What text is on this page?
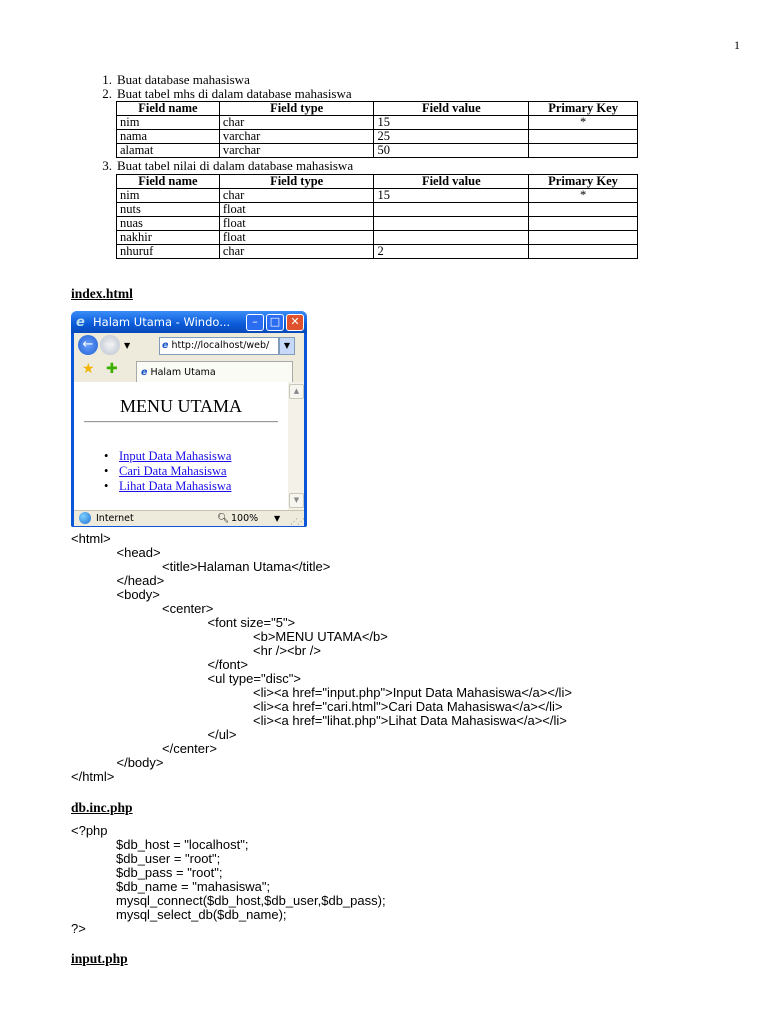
1
1. Buat database mahasiswa
2. Buat tabel mhs di dalam database mahasiswa
Field name	Field type	Field value	Primary Key
nim	char	15	*
nama	varchar	25	
alamat	varchar	50	
3. Buat tabel nilai di dalam database mahasiswa
Field name	Field type	Field value	Primary Key
nim	char	15	*
nuts	float		
nuas	float		
nakhir	float		
nhuruf	char	2	
index.html
e Halam Utama - Windo...	–	□ ✕
← →	▼	e http://localhost/web/	▼
★ ✚	e Halam Utama
MENU UTAMA
• Input Data Mahasiswa
• Cari Data Mahasiswa
• Lihat Data Mahasiswa
▲
▼
Internet	🔍︎ 100% ▼ ⋰⋰
<html>
<head>
<title>Halaman Utama</title>
</head>
<body>
<center>
<font size="5">
<b>MENU UTAMA</b>
<hr /><br />
</font>
<ul type="disc">
<li><a href="input.php">Input Data Mahasiswa</a></li>
<li><a href="cari.html">Cari Data Mahasiswa</a></li>
<li><a href="lihat.php">Lihat Data Mahasiswa</a></li>
</ul>
</center>
</body>
</html>
db.inc.php
<?php
$db_host = "localhost";
$db_user = "root";
$db_pass = "root";
$db_name = "mahasiswa";
mysql_connect($db_host,$db_user,$db_pass);
mysql_select_db($db_name);
?>
input.php
